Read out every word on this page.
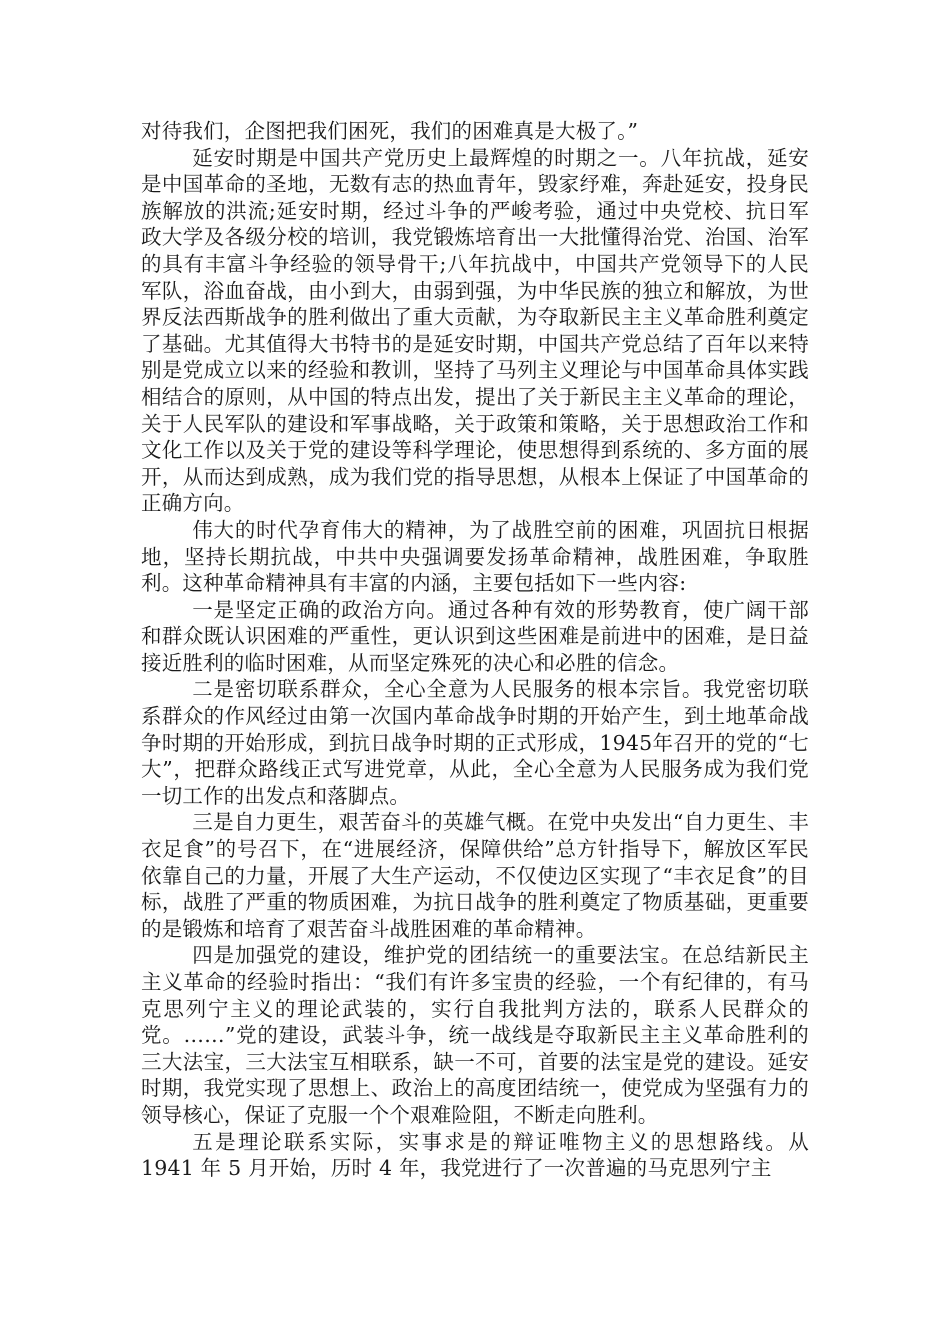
对待我们，企图把我们困死，我们的困难真是大极了。”

延安时期是中国共产党历史上最辉煌的时期之一。八年抗战，延安是中国革命的圣地，无数有志的热血青年，毁家纾难，奔赴延安，投身民族解放的洪流;延安时期，经过斗争的严峻考验，通过中央党校、抗日军政大学及各级分校的培训，我党锻炼培育出一大批懂得治党、治国、治军的具有丰富斗争经验的领导骨干;八年抗战中，中国共产党领导下的人民军队，浴血奋战，由小到大，由弱到强，为中华民族的独立和解放，为世界反法西斯战争的胜利做出了重大贡献，为夺取新民主主义革命胜利奠定了基础。尤其值得大书特书的是延安时期，中国共产党总结了百年以来特别是党成立以来的经验和教训，坚持了马列主义理论与中国革命具体实践相结合的原则，从中国的特点出发，提出了关于新民主主义革命的理论，关于人民军队的建设和军事战略，关于政策和策略，关于思想政治工作和文化工作以及关于党的建设等科学理论，使思想得到系统的、多方面的展开，从而达到成熟，成为我们党的指导思想，从根本上保证了中国革命的正确方向。

伟大的时代孕育伟大的精神，为了战胜空前的困难，巩固抗日根据地，坚持长期抗战，中共中央强调要发扬革命精神，战胜困难，争取胜利。这种革命精神具有丰富的内涵，主要包括如下一些内容:

一是坚定正确的政治方向。通过各种有效的形势教育，使广阔干部和群众既认识困难的严重性，更认识到这些困难是前进中的困难，是日益接近胜利的临时困难，从而坚定殊死的决心和必胜的信念。

二是密切联系群众，全心全意为人民服务的根本宗旨。我党密切联系群众的作风经过由第一次国内革命战争时期的开始产生，到土地革命战争时期的开始形成，到抗日战争时期的正式形成，1945年召开的党的“七大”，把群众路线正式写进党章，从此，全心全意为人民服务成为我们党一切工作的出发点和落脚点。

三是自力更生，艰苦奋斗的英雄气概。在党中央发出“自力更生、丰衣足食”的号召下，在“进展经济，保障供给”总方针指导下，解放区军民依靠自己的力量，开展了大生产运动，不仅使边区实现了“丰衣足食”的目标，战胜了严重的物质困难，为抗日战争的胜利奠定了物质基础，更重要的是锻炼和培育了艰苦奋斗战胜困难的革命精神。

四是加强党的建设，维护党的团结统一的重要法宝。在总结新民主主义革命的经验时指出：“我们有许多宝贵的经验，一个有纪律的，有马克思列宁主义的理论武装的，实行自我批判方法的，联系人民群众的党。……”党的建设，武装斗争，统一战线是夺取新民主主义革命胜利的三大法宝，三大法宝互相联系，缺一不可，首要的法宝是党的建设。延安时期，我党实现了思想上、政治上的高度团结统一，使党成为坚强有力的领导核心，保证了克服一个个艰难险阻，不断走向胜利。

五是理论联系实际，实事求是的辩证唯物主义的思想路线。从 1941 年 5 月开始，历时 4 年，我党进行了一次普遍的马克思列宁主
